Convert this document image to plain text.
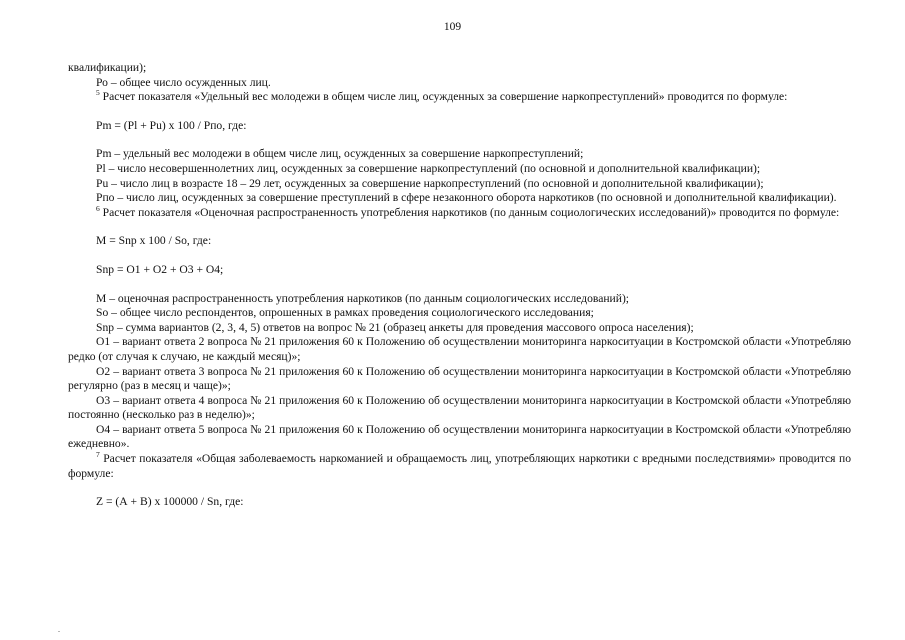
109

квалификации);

Ро – общее число осужденных лиц.

$^5$ Расчет показателя «Удельный вес молодежи в общем числе лиц, осужденных за совершение наркопреступлений» проводится по формуле:

Рm = (Рl + Рu) х 100 / Рпо, где:

Рm – удельный вес молодежи в общем числе лиц, осужденных за совершение наркопреступлений;

Рl – число несовершеннолетних лиц, осужденных за совершение наркопреступлений (по основной и дополнительной квалификации);

Рu – число лиц в возрасте 18 – 29 лет, осужденных за совершение наркопреступлений (по основной и дополнительной квалификации);

Рпо – число лиц, осужденных за совершение преступлений в сфере незаконного оборота наркотиков (по основной и дополнительной квалификации).

$^6$ Расчет показателя «Оценочная распространенность употребления наркотиков (по данным социологических исследований)» проводится по формуле:

М = Snp х 100 / So, где:

Snp = O1 + O2 + O3 + O4;

М – оценочная распространенность употребления наркотиков (по данным социологических исследований);

So – общее число респондентов, опрошенных в рамках проведения социологического исследования;

Snp – сумма вариантов (2, 3, 4, 5) ответов на вопрос № 21 (образец анкеты для проведения массового опроса населения);

О1 – вариант ответа 2 вопроса № 21 приложения 60 к Положению об осуществлении мониторинга наркоситуации в Костромской области «Употребляю редко (от случая к случаю, не каждый месяц)»;

О2 – вариант ответа 3 вопроса № 21 приложения 60 к Положению об осуществлении мониторинга наркоситуации в Костромской области «Употребляю регулярно (раз в месяц и чаще)»;

О3 – вариант ответа 4 вопроса № 21 приложения 60 к Положению об осуществлении мониторинга наркоситуации в Костромской области «Употребляю постоянно (несколько раз в неделю)»;

О4 – вариант ответа 5 вопроса № 21 приложения 60 к Положению об осуществлении мониторинга наркоситуации в Костромской области «Употребляю ежедневно».

$^7$ Расчет показателя «Общая заболеваемость наркоманией и обращаемость лиц, употребляющих наркотики с вредными последствиями» проводится по формуле:

Z = (А + В) х 100000 / Sn, где:

.
